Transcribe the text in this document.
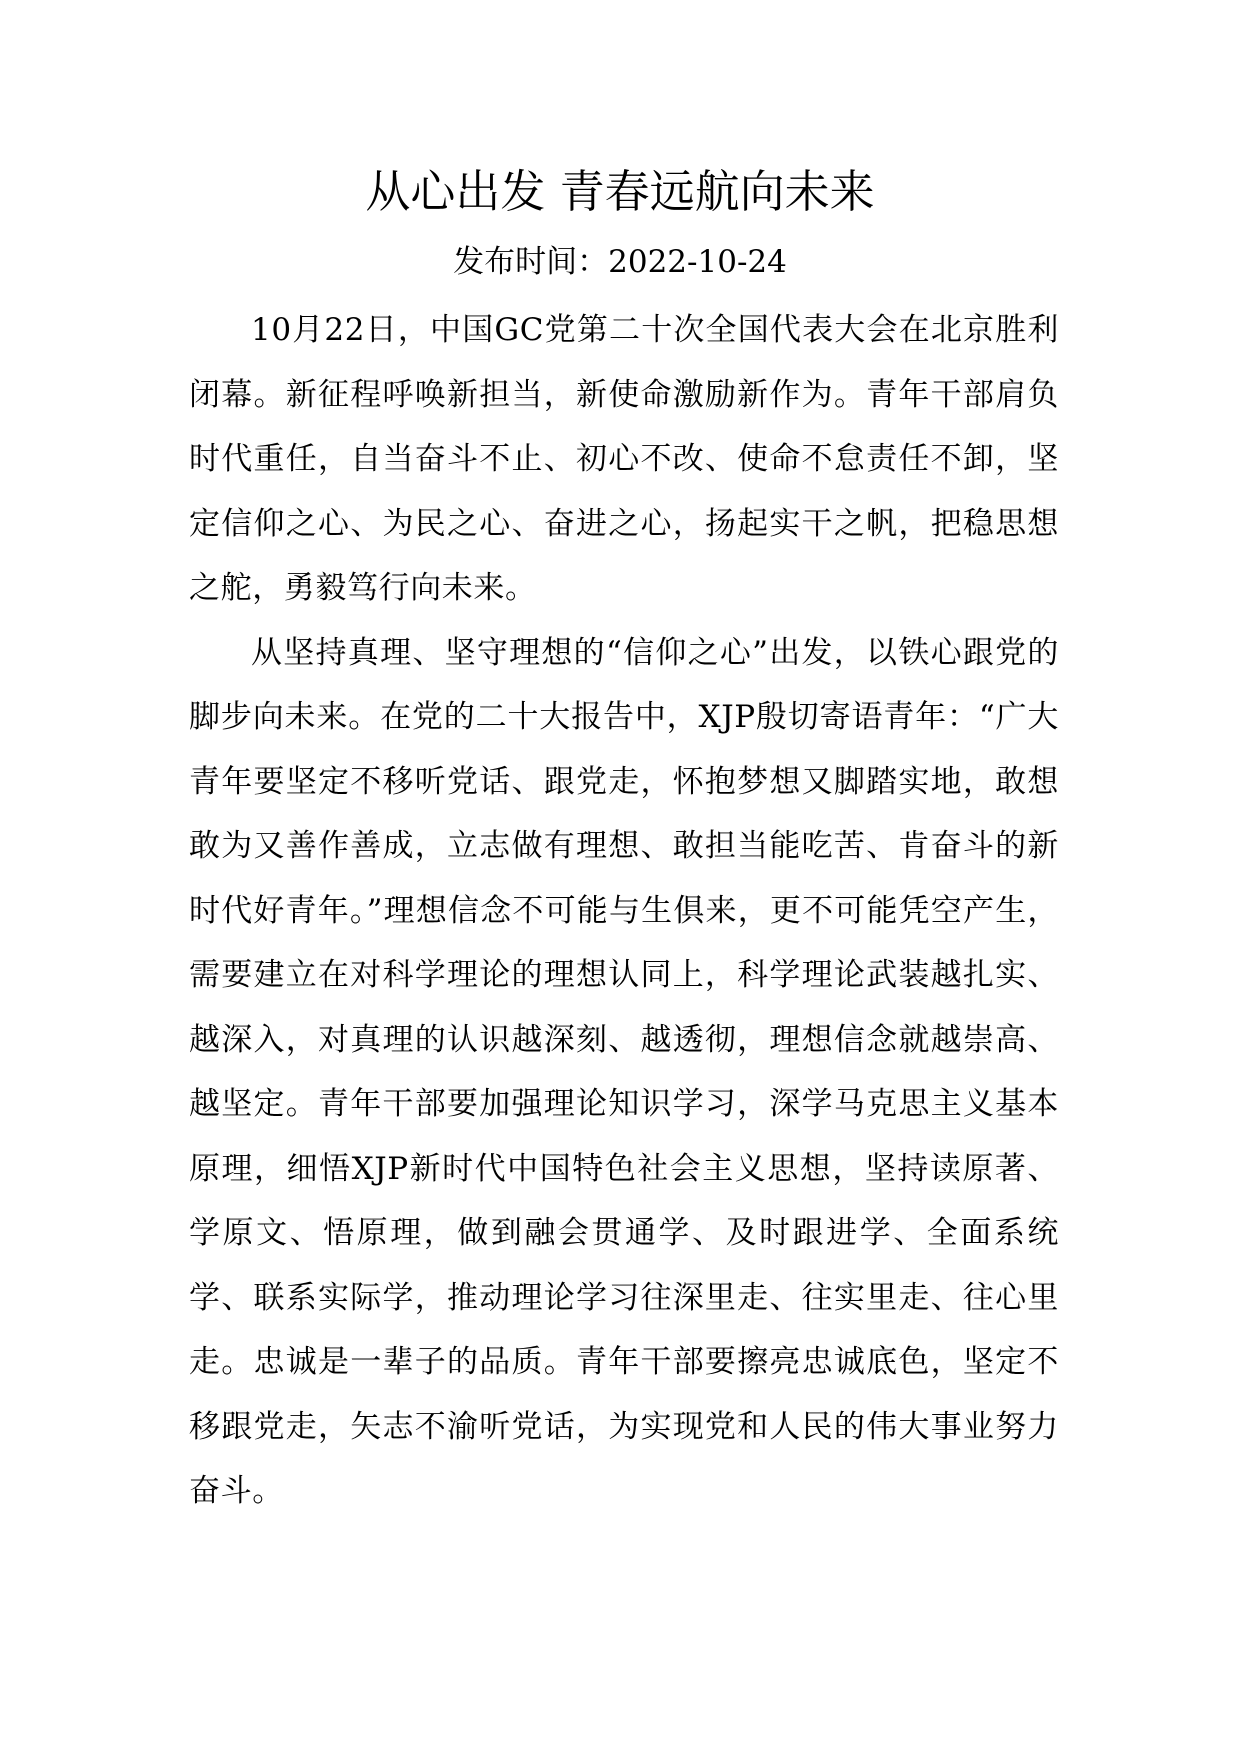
从心出发 青春远航向未来
发布时间：2022-10-24

10月22日，中国GC党第二十次全国代表大会在北京胜利闭幕。新征程呼唤新担当，新使命激励新作为。青年干部肩负时代重任，自当奋斗不止、初心不改、使命不怠责任不卸，坚定信仰之心、为民之心、奋进之心，扬起实干之帆，把稳思想之舵，勇毅笃行向未来。

从坚持真理、坚守理想的“信仰之心”出发，以铁心跟党的脚步向未来。在党的二十大报告中，XJP殷切寄语青年：“广大青年要坚定不移听党话、跟党走，怀抱梦想又脚踏实地，敢想敢为又善作善成，立志做有理想、敢担当能吃苦、肯奋斗的新时代好青年。”理想信念不可能与生俱来，更不可能凭空产生，需要建立在对科学理论的理想认同上，科学理论武装越扎实、越深入，对真理的认识越深刻、越透彻，理想信念就越崇高、越坚定。青年干部要加强理论知识学习，深学马克思主义基本原理，细悟XJP新时代中国特色社会主义思想，坚持读原著、学原文、悟原理，做到融会贯通学、及时跟进学、全面系统学、联系实际学，推动理论学习往深里走、往实里走、往心里走。忠诚是一辈子的品质。青年干部要擦亮忠诚底色，坚定不移跟党走，矢志不渝听党话，为实现党和人民的伟大事业努力奋斗。
